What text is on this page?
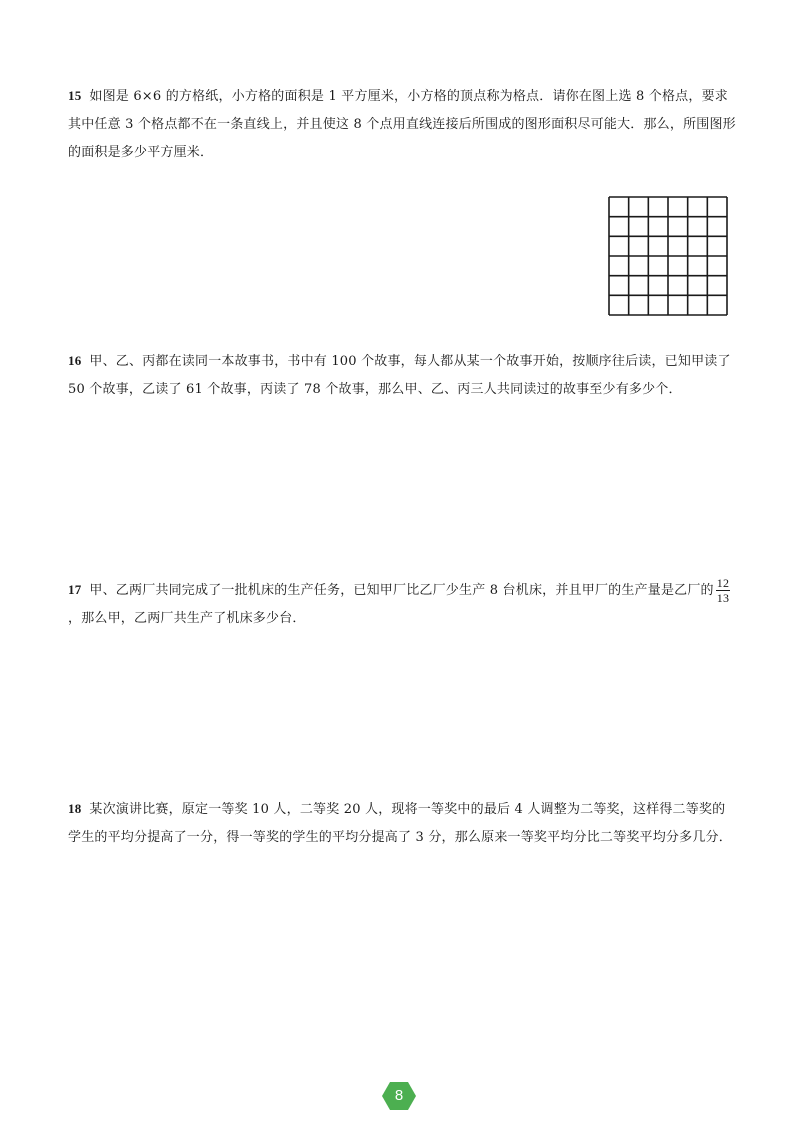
15 如图是 6×6 的方格纸，小方格的面积是 1 平方厘米，小方格的顶点称为格点．请你在图上选 8 个格点，要求其中任意 3 个格点都不在一条直线上，并且使这 8 个点用直线连接后所围成的图形面积尽可能大．那么，所围图形的面积是多少平方厘米．
16 甲、乙、丙都在读同一本故事书，书中有 100 个故事，每人都从某一个故事开始，按顺序往后读，已知甲读了 50 个故事，乙读了 61 个故事，丙读了 78 个故事，那么甲、乙、丙三人共同读过的故事至少有多少个．
17 甲、乙两厂共同完成了一批机床的生产任务，已知甲厂比乙厂少生产 8 台机床，并且甲厂的生产量是乙厂的 $\frac{12}{13}$
，那么甲，乙两厂共生产了机床多少台．
18 某次演讲比赛，原定一等奖 10 人，二等奖 20 人，现将一等奖中的最后 4 人调整为二等奖，这样得二等奖的学生的平均分提高了一分，得一等奖的学生的平均分提高了 3 分，那么原来一等奖平均分比二等奖平均分多几分．
8
